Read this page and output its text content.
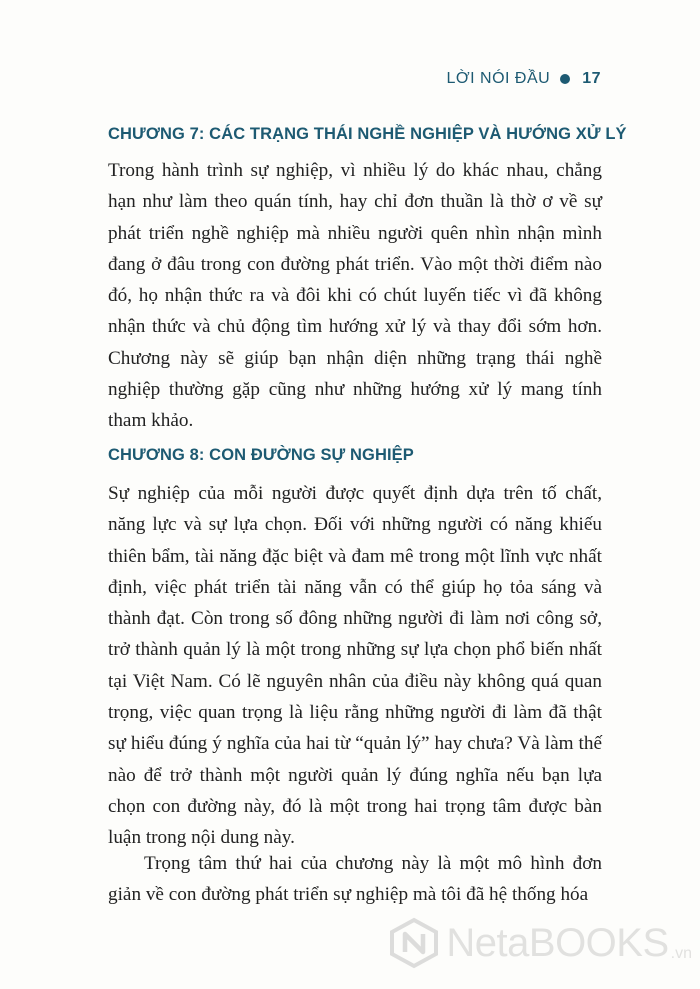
LỜI NÓI ĐẦU 17
CHƯƠNG 7: CÁC TRẠNG THÁI NGHỀ NGHIỆP VÀ HƯỚNG XỬ LÝ

Trong hành trình sự nghiệp, vì nhiều lý do khác nhau, chẳng hạn như làm theo quán tính, hay chỉ đơn thuần là thờ ơ về sự phát triển nghề nghiệp mà nhiều người quên nhìn nhận mình đang ở đâu trong con đường phát triển. Vào một thời điểm nào đó, họ nhận thức ra và đôi khi có chút luyến tiếc vì đã không nhận thức và chủ động tìm hướng xử lý và thay đổi sớm hơn. Chương này sẽ giúp bạn nhận diện những trạng thái nghề nghiệp thường gặp cũng như những hướng xử lý mang tính tham khảo.

CHƯƠNG 8: CON ĐƯỜNG SỰ NGHIỆP

Sự nghiệp của mỗi người được quyết định dựa trên tố chất, năng lực và sự lựa chọn. Đối với những người có năng khiếu thiên bẩm, tài năng đặc biệt và đam mê trong một lĩnh vực nhất định, việc phát triển tài năng vẫn có thể giúp họ tỏa sáng và thành đạt. Còn trong số đông những người đi làm nơi công sở, trở thành quản lý là một trong những sự lựa chọn phổ biến nhất tại Việt Nam. Có lẽ nguyên nhân của điều này không quá quan trọng, việc quan trọng là liệu rằng những người đi làm đã thật sự hiểu đúng ý nghĩa của hai từ “quản lý” hay chưa? Và làm thế nào để trở thành một người quản lý đúng nghĩa nếu bạn lựa chọn con đường này, đó là một trong hai trọng tâm được bàn luận trong nội dung này.

Trọng tâm thứ hai của chương này là một mô hình đơn giản về con đường phát triển sự nghiệp mà tôi đã hệ thống hóa

NetaBOOKS .vn
